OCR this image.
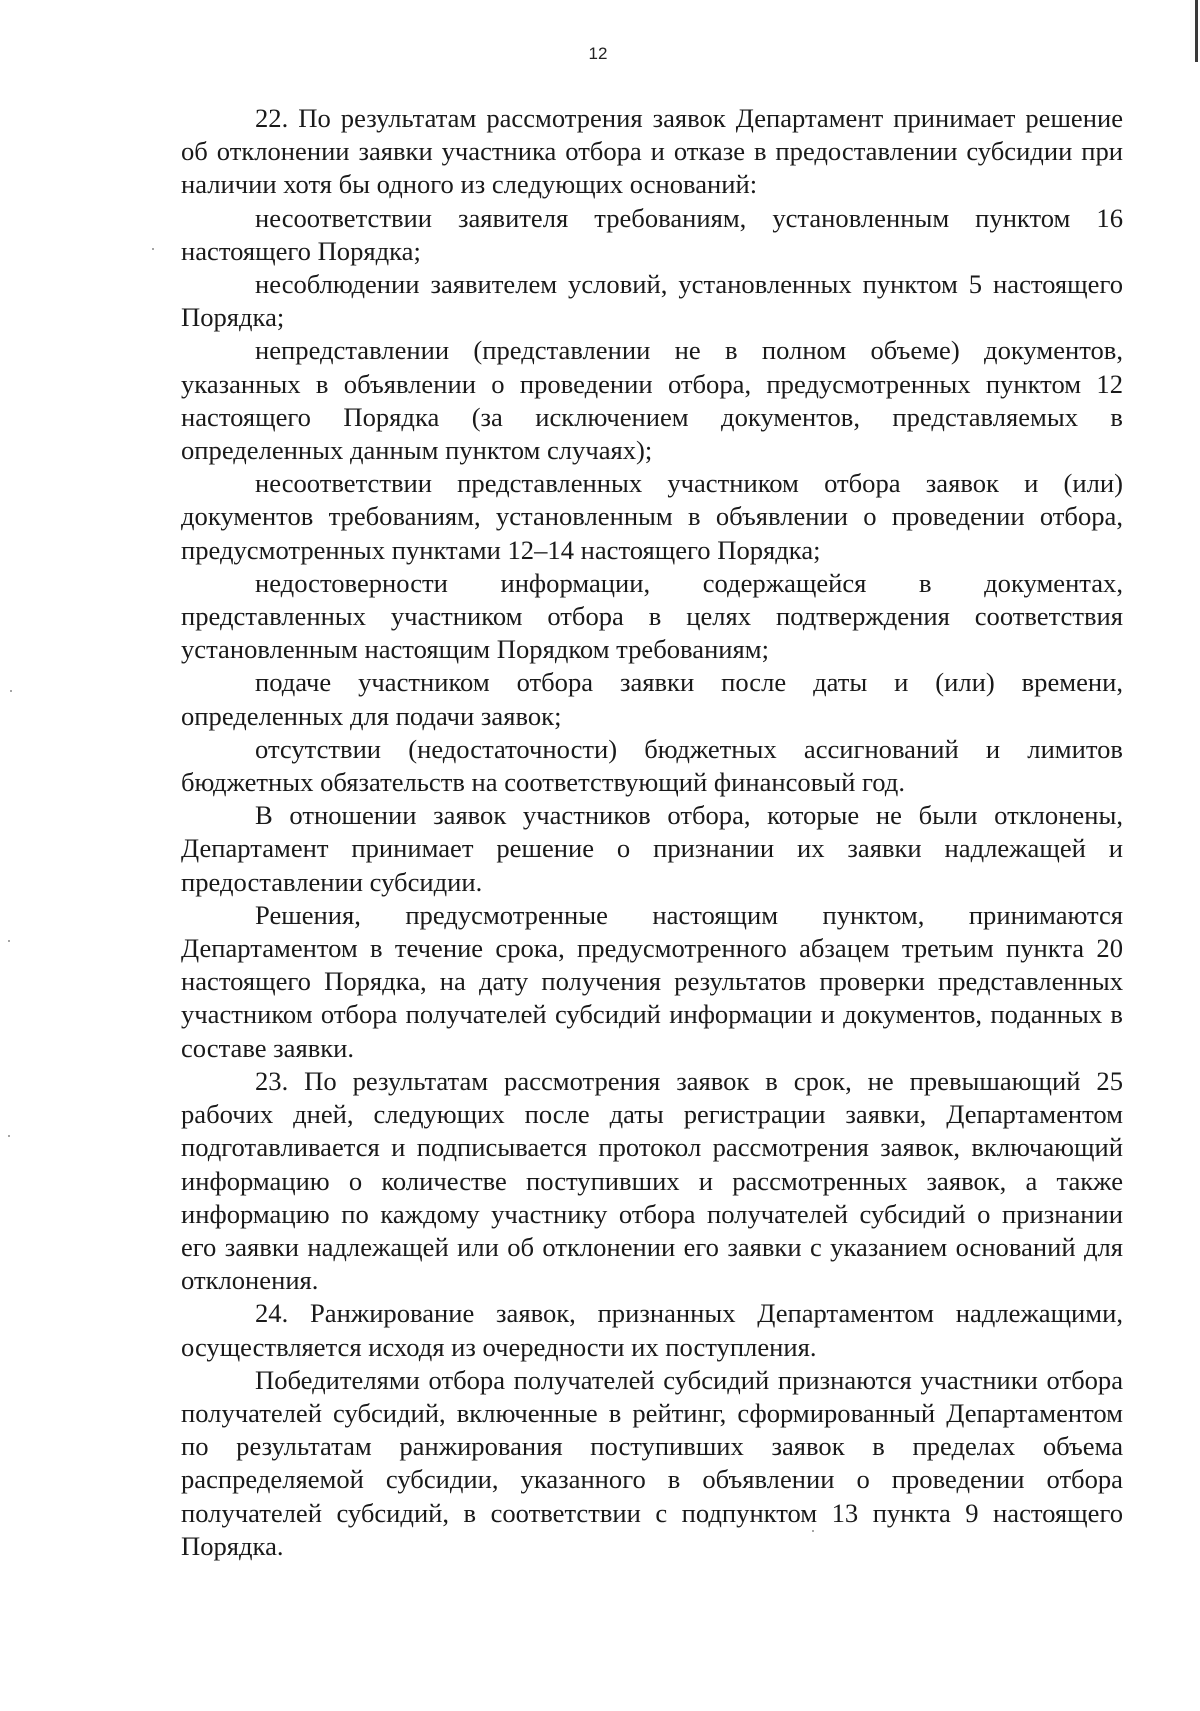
12

22. По результатам рассмотрения заявок Департамент принимает решение об отклонении заявки участника отбора и отказе в предоставлении субсидии при наличии хотя бы одного из следующих оснований:

несоответствии заявителя требованиям, установленным пунктом 16 настоящего Порядка;

несоблюдении заявителем условий, установленных пунктом 5 настоящего Порядка;

непредставлении (представлении не в полном объеме) документов, указанных в объявлении о проведении отбора, предусмотренных пунктом 12 настоящего Порядка (за исключением документов, представляемых в определенных данным пунктом случаях);

несоответствии представленных участником отбора заявок и (или) документов требованиям, установленным в объявлении о проведении отбора, предусмотренных пунктами 12–14 настоящего Порядка;

недостоверности информации, содержащейся в документах, представленных участником отбора в целях подтверждения соответствия установленным настоящим Порядком требованиям;

подаче участником отбора заявки после даты и (или) времени, определенных для подачи заявок;

отсутствии (недостаточности) бюджетных ассигнований и лимитов бюджетных обязательств на соответствующий финансовый год.

В отношении заявок участников отбора, которые не были отклонены, Департамент принимает решение о признании их заявки надлежащей и предоставлении субсидии.

Решения, предусмотренные настоящим пунктом, принимаются Департаментом в течение срока, предусмотренного абзацем третьим пункта 20 настоящего Порядка, на дату получения результатов проверки представленных участником отбора получателей субсидий информации и документов, поданных в составе заявки.

23. По результатам рассмотрения заявок в срок, не превышающий 25 рабочих дней, следующих после даты регистрации заявки, Департаментом подготавливается и подписывается протокол рассмотрения заявок, включающий информацию о количестве поступивших и рассмотренных заявок, а также информацию по каждому участнику отбора получателей субсидий о признании его заявки надлежащей или об отклонении его заявки с указанием оснований для отклонения.

24. Ранжирование заявок, признанных Департаментом надлежащими, осуществляется исходя из очередности их поступления.

Победителями отбора получателей субсидий признаются участники отбора получателей субсидий, включенные в рейтинг, сформированный Департаментом по результатам ранжирования поступивших заявок в пределах объема распределяемой субсидии, указанного в объявлении о проведении отбора получателей субсидий, в соответствии с подпунктом 13 пункта 9 настоящего Порядка.
